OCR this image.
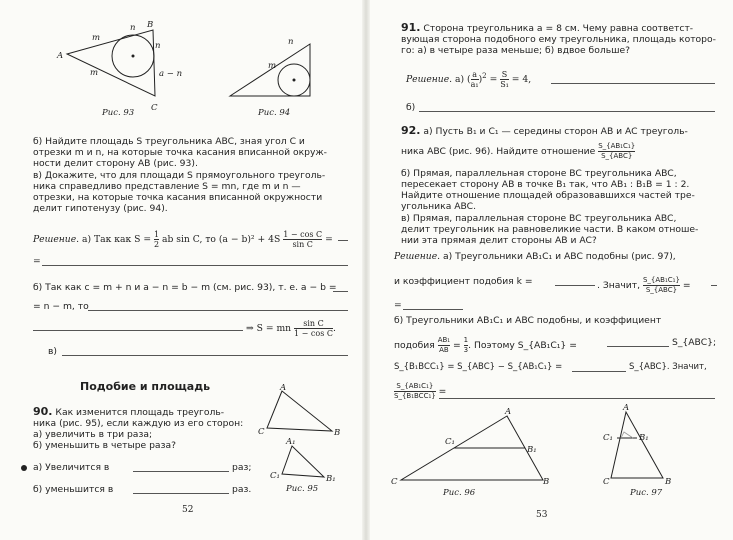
A
B
C
m
m
n
n
a − n
Рис. 93
n
m
Рис. 94
б) Найдите площадь S треугольника ABC, зная угол C и
отрезки m и n, на которые точка касания вписанной окруж-
ности делит сторону AB (рис. 93).
в) Докажите, что для площади S прямоугольного треуголь-
ника справедливо представление S = mn, где m и n —
отрезки, на которые точка касания вписанной окружности
делит гипотенузу (рис. 94).
Решение. а) Так как $S = \frac{1}{2}$ ab sin C, то $(a - b)^2 + 4S \frac{\text{1 − cos C}}{\text{sin C}}$ =
=
б) Так как c = m + n и a − n = b − m (см. рис. 93), т. е. a − b =
= n − m, то
⇒ S = mn $\frac{\text{sin C}}{\text{1 − cos C}}$ .
в)
Подобие и площадь
90. Как изменится площадь треуголь-
ника (рис. 95), если каждую из его сторон:
а) увеличить в три раза;
б) уменьшить в четыре раза?
а) Увеличится в	раз;
б) уменьшится в	раз.
A
C	B
A₁
C₁	B₁
Рис. 95
52
91. Сторона треугольника a = 8 см. Чему равна соответст-
вующая сторона подобного ему треугольника, площадь которо-
го: а) в четыре раза меньше; б) вдвое больше?
Решение. а) ( $\frac{a}{\text{a₁}} )^2 = \frac{S}{\text{S₁}} = 4$,
б)
92. а) Пусть B₁ и C₁ — середины сторон AB и AC треуголь-
ника ABC (рис. 96). Найдите отношение $\frac{\text{S\_\{AB₁C₁\}}}{\text{S\_\{ABC\}}}$
б) Прямая, параллельная стороне BC треугольника ABC,
пересекает сторону AB в точке B₁ так, что AB₁ : B₁B = 1 : 2.
Найдите отношение площадей образовавшихся частей тре-
угольника ABC.
в) Прямая, параллельная стороне BC треугольника ABC,
делит треугольник на равновеликие части. В каком отноше-
нии эта прямая делит стороны AB и AC?
Решение. а) Треугольники AB₁C₁ и ABC подобны (рис. 97),
и коэффициент подобия k =	. Значит, $\frac{\text{S\_\{AB₁C₁\}}}{\text{S\_\{ABC\}}}$ =
=
б) Треугольники AB₁C₁ и ABC подобны, и коэффициент
подобия $\frac{\text{AB₁}}{AB} = \frac{1}{3}$ . Поэтому S_{AB₁C₁} =	S_{ABC};
S_{B₁BCC₁} = S_{ABC} − S_{AB₁C₁} =	S_{ABC}. Значит,
$\frac{\text{S\_\{AB₁C₁\}}}{\text{S\_\{B₁BCC₁\}}}$ =
A
C	B
C₁
B₁
Рис. 96
A
C₁	B₁
C	B
Рис. 97
53
